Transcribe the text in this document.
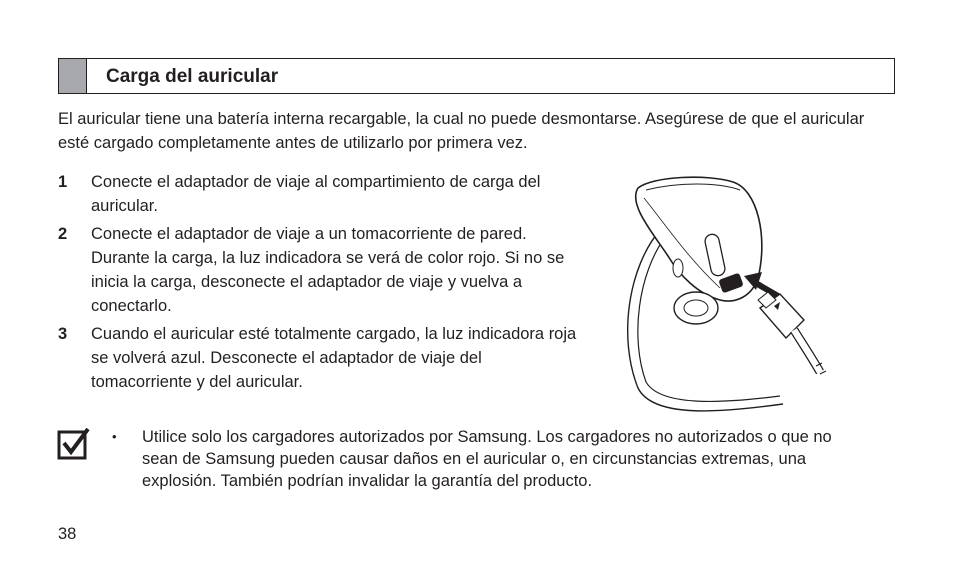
Carga del auricular
El auricular tiene una batería interna recargable, la cual no puede desmontarse. Asegúrese de que el auricular esté cargado completamente antes de utilizarlo por primera vez.
1 Conecte el adaptador de viaje al compartimiento de carga del auricular.
2 Conecte el adaptador de viaje a un tomacorriente de pared. Durante la carga, la luz indicadora se verá de color rojo. Si no se inicia la carga, desconecte el adaptador de viaje y vuelva a conectarlo.
3 Cuando el auricular esté totalmente cargado, la luz indicadora roja se volverá azul. Desconecte el adaptador de viaje del tomacorriente y del auricular.
• Utilice solo los cargadores autorizados por Samsung. Los cargadores no autorizados o que no sean de Samsung pueden causar daños en el auricular o, en circunstancias extremas, una explosión. También podrían invalidar la garantía del producto.
38
